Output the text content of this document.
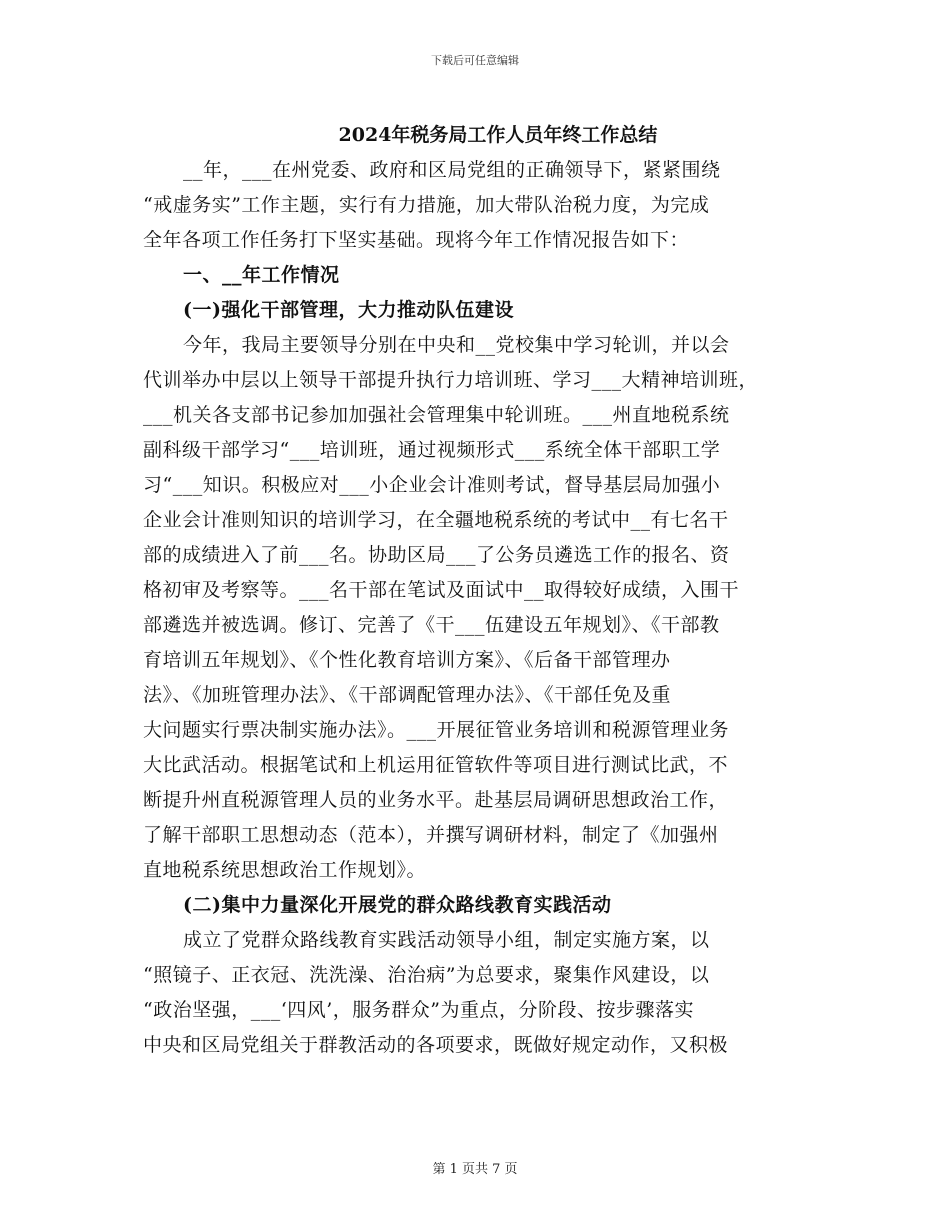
下载后可任意编辑
2024年税务局工作人员年终工作总结
__年，___在州党委、政府和区局党组的正确领导下，紧紧围绕
“戒虚务实”工作主题，实行有力措施，加大带队治税力度，为完成
全年各项工作任务打下坚实基础。现将今年工作情况报告如下：
一、__年工作情况
(一)强化干部管理，大力推动队伍建设
今年，我局主要领导分别在中央和__党校集中学习轮训，并以会
代训举办中层以上领导干部提升执行力培训班、学习___大精神培训班，
___机关各支部书记参加加强社会管理集中轮训班。___州直地税系统
副科级干部学习“___培训班，通过视频形式___系统全体干部职工学
习“___知识。积极应对___小企业会计准则考试，督导基层局加强小
企业会计准则知识的培训学习，在全疆地税系统的考试中__有七名干
部的成绩进入了前___名。协助区局___了公务员遴选工作的报名、资
格初审及考察等。___名干部在笔试及面试中__取得较好成绩，入围干
部遴选并被选调。修订、完善了《干___伍建设五年规划》、《干部教
育培训五年规划》、《个性化教育培训方案》、《后备干部管理办
法》、《加班管理办法》、《干部调配管理办法》、《干部任免及重
大问题实行票决制实施办法》。___开展征管业务培训和税源管理业务
大比武活动。根据笔试和上机运用征管软件等项目进行测试比武，不
断提升州直税源管理人员的业务水平。赴基层局调研思想政治工作，
了解干部职工思想动态（范本），并撰写调研材料，制定了《加强州
直地税系统思想政治工作规划》。
(二)集中力量深化开展党的群众路线教育实践活动
成立了党群众路线教育实践活动领导小组，制定实施方案，以
“照镜子、正衣冠、洗洗澡、治治病”为总要求，聚集作风建设，以
“政治坚强，___‘四风’，服务群众”为重点，分阶段、按步骤落实
中央和区局党组关于群教活动的各项要求，既做好规定动作，又积极
第 1 页共 7 页
